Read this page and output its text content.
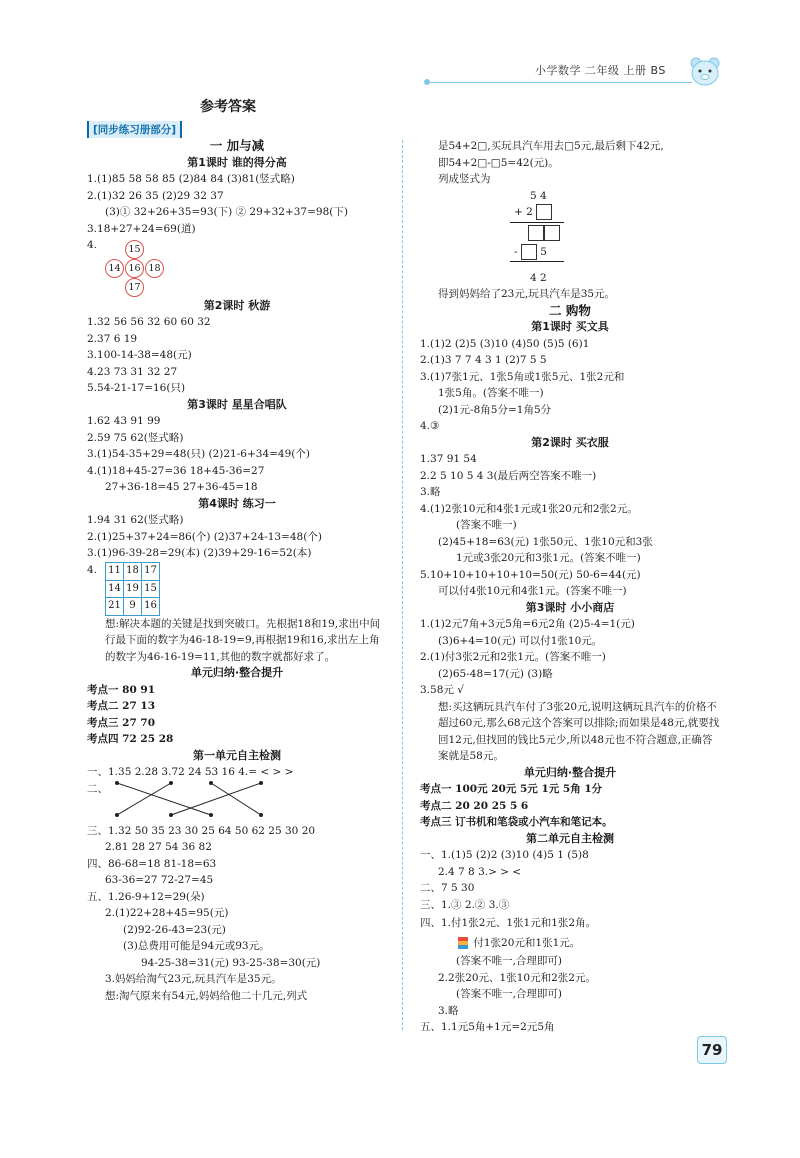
小学数学 二年级 上册 BS
参考答案
[同步练习册部分]
一 加与减
第1课时 谁的得分高
1.(1)85 58 58 85 (2)84 84 (3)81(竖式略)
2.(1)32 26 35 (2)29 32 37
(3)① 32+26+35=93(下) ② 29+32+37=98(下)
3.18+27+24=69(道)
4.	15
14 16 18
17
第2课时 秋游
1.32 56 56 32 60 60 32
2.37 6 19
3.100-14-38=48(元)
4.23 73 31 32 27
5.54-21-17=16(只)
第3课时 星星合唱队
1.62 43 91 99
2.59 75 62(竖式略)
3.(1)54-35+29=48(只) (2)21-6+34=49(个)
4.(1)18+45-27=36 18+45-36=27
27+36-18=45 27+36-45=18
第4课时 练习一
1.94 31 62(竖式略)
2.(1)25+37+24=86(个) (2)37+24-13=48(个)
3.(1)96-39-28=29(本) (2)39+29-16=52(本)
4.	11	18	17
14	19	15
21	9	16
想:解决本题的关键是找到突破口。先根据18和19,求出中间行最下面的数字为46-18-19=9,再根据19和16,求出左上角的数字为46-16-19=11,其他的数字就都好求了。
单元归纳·整合提升
考点一 80 91
考点二 27 13
考点三 27 70
考点四 72 25 28
第一单元自主检测
一、1.35 2.28 3.72 24 53 16 4.= < > >
二、
三、1.32 50 35 23 30 25 64 50 62 25 30 20
2.81 28 27 54 36 82
四、86-68=18 81-18=63
63-36=27 72-27=45
五、1.26-9+12=29(朵)
2.(1)22+28+45=95(元)
(2)92-26-43=23(元)
(3)总费用可能是94元或93元。
94-25-38=31(元) 93-25-38=30(元)
3.妈妈给淘气23元,玩具汽车是35元。
想:淘气原来有54元,妈妈给他二十几元,列式
是54+2□,买玩具汽车用去□5元,最后剩下42元,
即54+2□-□5=42(元)。
列成竖式为
5 4
+ 2
- 5
4 2
得到妈妈给了23元,玩具汽车是35元。
二 购物
第1课时 买文具
1.(1)2 (2)5 (3)10 (4)50 (5)5 (6)1
2.(1)3 7 7 4 3 1 (2)7 5 5
3.(1)7张1元、1张5角或1张5元、1张2元和
1张5角。(答案不唯一)
(2)1元-8角5分=1角5分
4.③
第2课时 买衣服
1.37 91 54
2.2 5 10 5 4 3(最后两空答案不唯一)
3.略
4.(1)2张10元和4张1元或1张20元和2张2元。
(答案不唯一)
(2)45+18=63(元) 1张50元、1张10元和3张
1元或3张20元和3张1元。(答案不唯一)
5.10+10+10+10+10=50(元) 50-6=44(元)
可以付4张10元和4张1元。(答案不唯一)
第3课时 小小商店
1.(1)2元7角+3元5角=6元2角 (2)5-4=1(元)
(3)6+4=10(元) 可以付1张10元。
2.(1)付3张2元和2张1元。(答案不唯一)
(2)65-48=17(元) (3)略
3.58元 √
想:买这辆玩具汽车付了3张20元,说明这辆玩具汽车的价格不超过60元,那么68元这个答案可以排除;而如果是48元,就要找回12元,但找回的钱比5元少,所以48元也不符合题意,正确答案就是58元。
单元归纳·整合提升
考点一 100元 20元 5元 1元 5角 1分
考点二 20 20 25 5 6
考点三 订书机和笔袋或小汽车和笔记本。
第二单元自主检测
一、1.(1)5 (2)2 (3)10 (4)5 1 (5)8
2.4 7 8 3.> > <
二、7 5 30
三、1.③ 2.② 3.③
四、1.付1张2元、1张1元和1张2角。
付1张20元和1张1元。
(答案不唯一,合理即可)
2.2张20元、1张10元和2张2元。
(答案不唯一,合理即可)
3.略
五、1.1元5角+1元=2元5角
79
